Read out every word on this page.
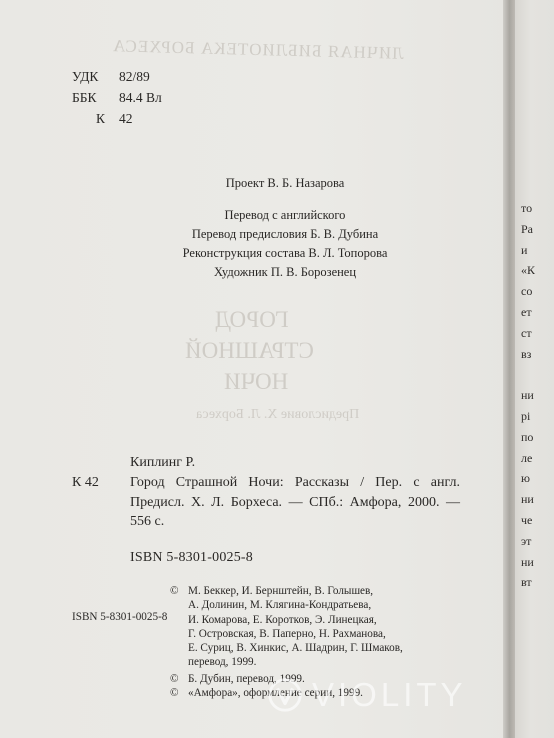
ЛИЧНАЯ БИБЛИОТЕКА БОРХЕСА
ГОРОД
СТРАШНОЙ
НОЧИ
Предисловие Х. Л. Борхеса
УДК	82/89
ББК	84.4 Вл
К	42
Проект В. Б. Назарова
Перевод с английского
Перевод предисловия Б. В. Дубина
Реконструкция состава В. Л. Топорова
Художник П. В. Борозенец
Киплинг Р.
К 42 Город Страшной Ночи: Рассказы / Пер. с англ. Предисл. Х. Л. Борхеса. — СПб.: Амфора, 2000. — 556 с.
ISBN 5-8301-0025-8
© М. Беккер, И. Бернштейн, В. Голышев,
А. Долинин, М. Клягина-Кондратьева,
И. Комарова, Е. Коротков, Э. Линецкая,
Г. Островская, В. Паперно, Н. Рахманова,
Е. Суриц, В. Хинкис, А. Шадрин, Г. Шмаков,
перевод, 1999.
© Б. Дубин, перевод, 1999.
© «Амфора», оформление серии, 1999.
ISBN 5-8301-0025-8
то
Ра
и
«К
со
ет
ст
вз

ни
рі
по
ле
ю
ни
че
эт
ни
вт
VIOLITY
